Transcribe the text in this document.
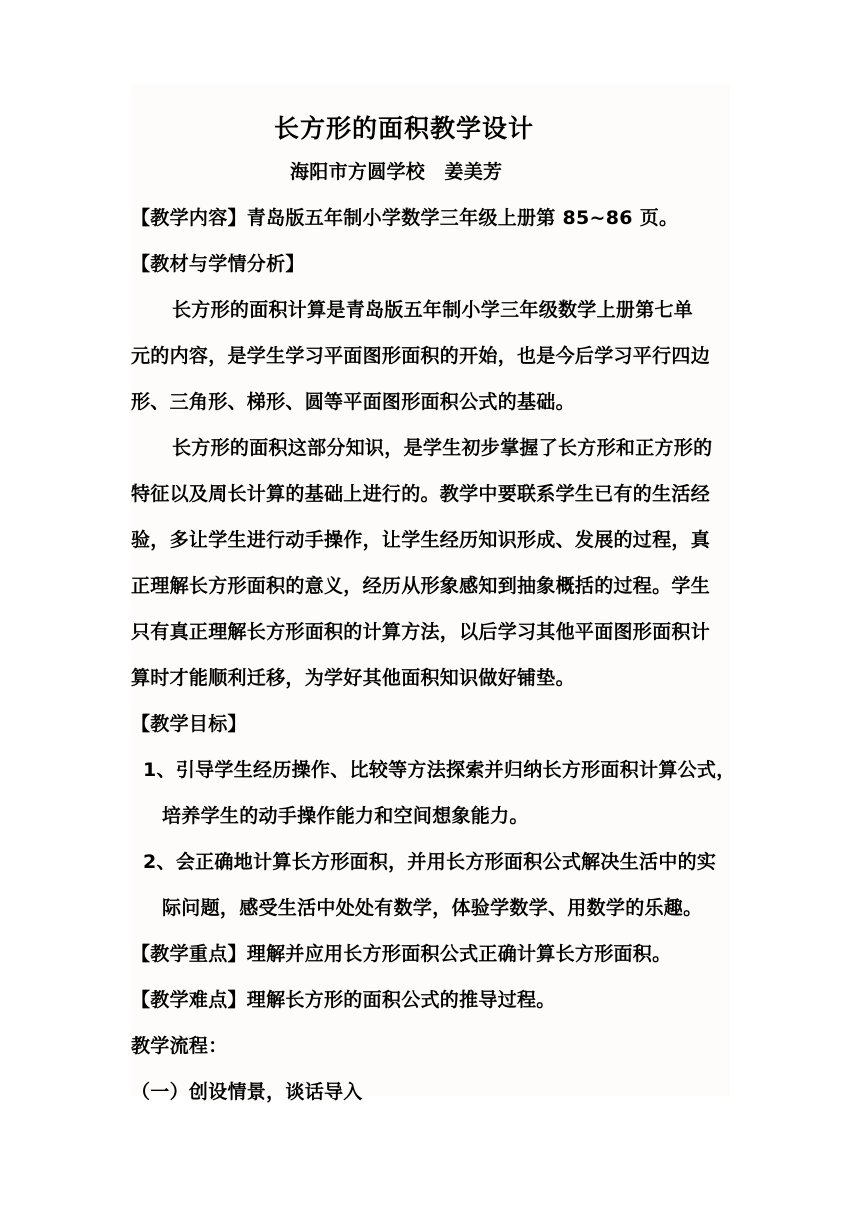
长方形的面积教学设计
海阳市方圆学校　姜美芳
【教学内容】青岛版五年制小学数学三年级上册第 85~86 页。
【教材与学情分析】
长方形的面积计算是青岛版五年制小学三年级数学上册第七单
元的内容，是学生学习平面图形面积的开始，也是今后学习平行四边
形、三角形、梯形、圆等平面图形面积公式的基础。
长方形的面积这部分知识，是学生初步掌握了长方形和正方形的
特征以及周长计算的基础上进行的。教学中要联系学生已有的生活经
验，多让学生进行动手操作，让学生经历知识形成、发展的过程，真
正理解长方形面积的意义，经历从形象感知到抽象概括的过程。学生
只有真正理解长方形面积的计算方法，以后学习其他平面图形面积计
算时才能顺利迁移，为学好其他面积知识做好铺垫。
【教学目标】
1、引导学生经历操作、比较等方法探索并归纳长方形面积计算公式，
培养学生的动手操作能力和空间想象能力。
2、会正确地计算长方形面积，并用长方形面积公式解决生活中的实
际问题，感受生活中处处有数学，体验学数学、用数学的乐趣。
【教学重点】理解并应用长方形面积公式正确计算长方形面积。
【教学难点】理解长方形的面积公式的推导过程。
教学流程：
（一）创设情景，谈话导入
